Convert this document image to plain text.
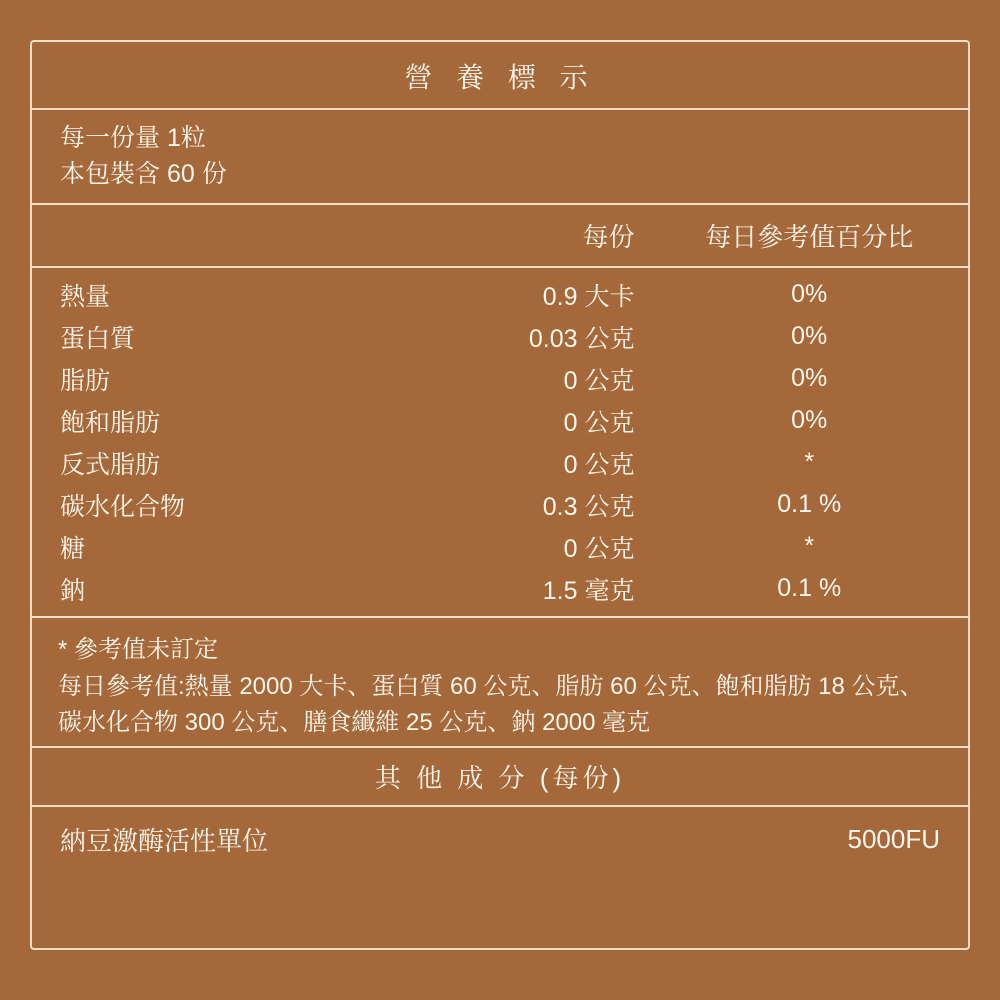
營 養 標 示
每一份量 1粒
本包裝含 60 份
	每份	每日參考值百分比
熱量	0.9 大卡	0%
蛋白質	0.03 公克	0%
脂肪	0 公克	0%
飽和脂肪	0 公克	0%
反式脂肪	0 公克	*
碳水化合物	0.3 公克	0.1 %
糖	0 公克	*
鈉	1.5 毫克	0.1 %
* 參考值未訂定
每日參考值:熱量 2000 大卡、蛋白質 60 公克、脂肪 60 公克、飽和脂肪 18 公克、碳水化合物 300 公克、膳食纖維 25 公克、鈉 2000 毫克
其 他 成 分 (每份)
納豆激酶活性單位	5000FU
